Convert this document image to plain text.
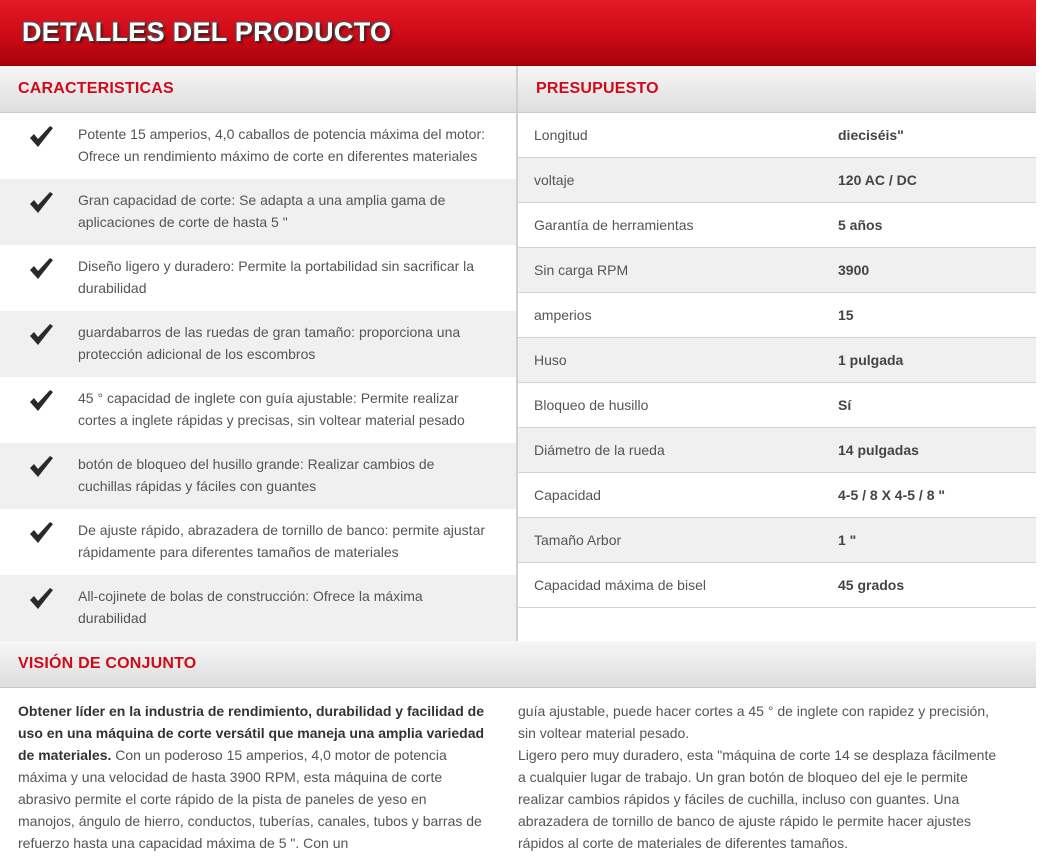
DETALLES DEL PRODUCTO
CARACTERISTICAS	PRESUPUESTO
Potente 15 amperios, 4,0 caballos de potencia máxima del motor:
Ofrece un rendimiento máximo de corte en diferentes materiales
Gran capacidad de corte: Se adapta a una amplia gama de
aplicaciones de corte de hasta 5 "
Diseño ligero y duradero: Permite la portabilidad sin sacrificar la
durabilidad
guardabarros de las ruedas de gran tamaño: proporciona una
protección adicional de los escombros
45 ° capacidad de inglete con guía ajustable: Permite realizar
cortes a inglete rápidas y precisas, sin voltear material pesado
botón de bloqueo del husillo grande: Realizar cambios de
cuchillas rápidas y fáciles con guantes
De ajuste rápido, abrazadera de tornillo de banco: permite ajustar
rápidamente para diferentes tamaños de materiales
All-cojinete de bolas de construcción: Ofrece la máxima
durabilidad
Longitud	dieciséis"
voltaje	120 AC / DC
Garantía de herramientas	5 años
Sin carga RPM	3900
amperios	15
Huso	1 pulgada
Bloqueo de husillo	Sí
Diámetro de la rueda	14 pulgadas
Capacidad	4-5 / 8 X 4-5 / 8 "
Tamaño Arbor	1 "
Capacidad máxima de bisel	45 grados
VISIÓN DE CONJUNTO
Obtener líder en la industria de rendimiento, durabilidad y facilidad de
uso en una máquina de corte versátil que maneja una amplia variedad
de materiales. Con un poderoso 15 amperios, 4,0 motor de potencia
máxima y una velocidad de hasta 3900 RPM, esta máquina de corte
abrasivo permite el corte rápido de la pista de paneles de yeso en
manojos, ángulo de hierro, conductos, tuberías, canales, tubos y barras de
refuerzo hasta una capacidad máxima de 5 ". Con un
guía ajustable, puede hacer cortes a 45 ° de inglete con rapidez y precisión,
sin voltear material pesado.
Ligero pero muy duradero, esta "máquina de corte 14 se desplaza fácilmente
a cualquier lugar de trabajo. Un gran botón de bloqueo del eje le permite
realizar cambios rápidos y fáciles de cuchilla, incluso con guantes. Una
abrazadera de tornillo de banco de ajuste rápido le permite hacer ajustes
rápidos al corte de materiales de diferentes tamaños.
